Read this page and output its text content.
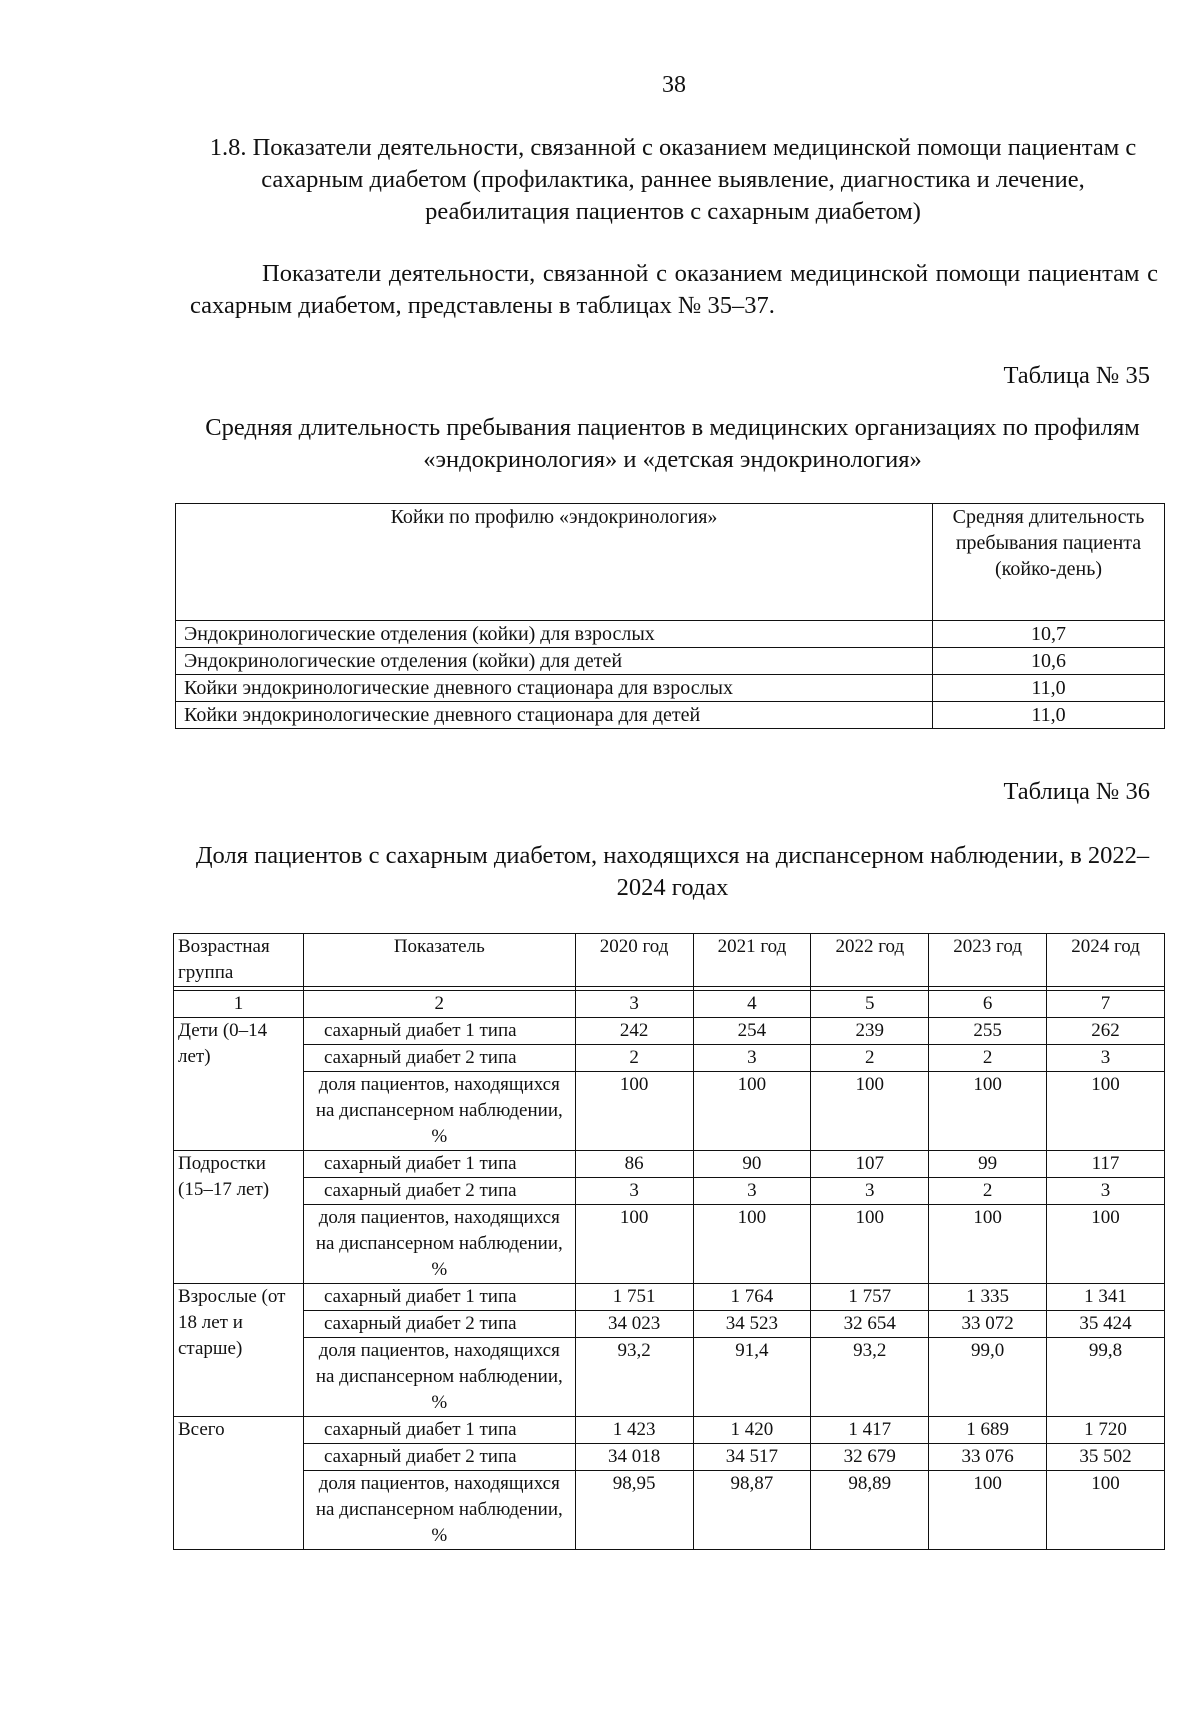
38
1.8. Показатели деятельности, связанной с оказанием медицинской помощи пациентам с сахарным диабетом (профилактика, раннее выявление, диагностика и лечение, реабилитация пациентов с сахарным диабетом)
Показатели деятельности, связанной с оказанием медицинской помощи пациентам с сахарным диабетом, представлены в таблицах № 35–37.
Таблица № 35
Средняя длительность пребывания пациентов в медицинских организациях по профилям «эндокринология» и «детская эндокринология»
Койки по профилю «эндокринология»	Средняя длительность пребывания пациента (койко-день)
Эндокринологические отделения (койки) для взрослых	10,7
Эндокринологические отделения (койки) для детей	10,6
Койки эндокринологические дневного стационара для взрослых	11,0
Койки эндокринологические дневного стационара для детей	11,0
Таблица № 36
Доля пациентов с сахарным диабетом, находящихся на диспансерном наблюдении, в 2022–2024 годах
Возрастная группа	Показатель	2020 год	2021 год	2022 год	2023 год	2024 год

1	2	3	4	5	6	7
Дети (0–14 лет)	сахарный диабет 1 типа	242	254	239	255	262
	сахарный диабет 2 типа	2	3	2	2	3
	доля пациентов, находящихся на диспансерном наблюдении, %	100	100	100	100	100
Подростки (15–17 лет)	сахарный диабет 1 типа	86	90	107	99	117
	сахарный диабет 2 типа	3	3	3	2	3
	доля пациентов, находящихся на диспансерном наблюдении, %	100	100	100	100	100
Взрослые (от 18 лет и старше)	сахарный диабет 1 типа	1 751	1 764	1 757	1 335	1 341
	сахарный диабет 2 типа	34 023	34 523	32 654	33 072	35 424
	доля пациентов, находящихся на диспансерном наблюдении, %	93,2	91,4	93,2	99,0	99,8
Всего	сахарный диабет 1 типа	1 423	1 420	1 417	1 689	1 720
	сахарный диабет 2 типа	34 018	34 517	32 679	33 076	35 502
	доля пациентов, находящихся на диспансерном наблюдении, %	98,95	98,87	98,89	100	100
